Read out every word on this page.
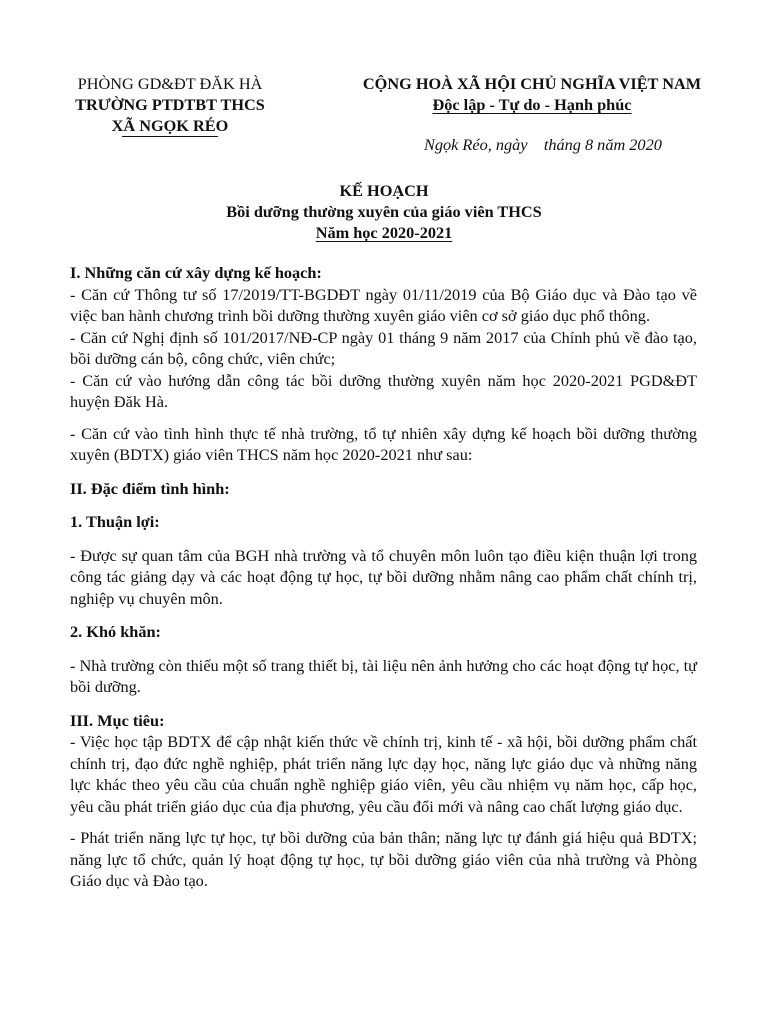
PHÒNG GD&ĐT ĐĂK HÀ
TRƯỜNG PTDTBT THCS
XÃ NGỌK RÉO
CỘNG HOÀ XÃ HỘI CHỦ NGHĨA VIỆT NAM
Độc lập - Tự do - Hạnh phúc
Ngọk Réo, ngày    tháng 8 năm 2020
KẾ HOẠCH
Bồi dưỡng thường xuyên của giáo viên THCS
Năm học 2020-2021

I. Những căn cứ xây dựng kế hoạch:

- Căn cứ Thông tư số 17/2019/TT-BGDĐT ngày 01/11/2019 của Bộ Giáo dục và Đào tạo về việc ban hành chương trình bồi dưỡng thường xuyên giáo viên cơ sở giáo dục phổ thông.

- Căn cứ Nghị định số 101/2017/NĐ-CP ngày 01 tháng 9 năm 2017 của Chính phủ về đào tạo, bồi dưỡng cán bộ, công chức, viên chức;

- Căn cứ vào hướng dẫn công tác bồi dưỡng thường xuyên năm học 2020-2021 PGD&ĐT huyện Đăk Hà.

- Căn cứ vào tình hình thực tế nhà trường, tổ tự nhiên xây dựng kế hoạch bồi dưỡng thường xuyên (BDTX) giáo viên THCS năm học 2020-2021 như sau:

II. Đặc điểm tình hình:

1. Thuận lợi:

- Được sự quan tâm của BGH nhà trường và tổ chuyên môn luôn tạo điều kiện thuận lợi trong công tác giảng dạy và các hoạt động tự học, tự bồi dưỡng nhằm nâng cao phẩm chất chính trị, nghiệp vụ chuyên môn.

2. Khó khăn:

- Nhà trường còn thiếu một số trang thiết bị, tài liệu nên ảnh hưởng cho các hoạt động tự học, tự bồi dưỡng.

III. Mục tiêu:

- Việc học tập BDTX để cập nhật kiến thức về chính trị, kinh tế - xã hội, bồi dưỡng phẩm chất chính trị, đạo đức nghề nghiệp, phát triển năng lực dạy học, năng lực giáo dục và những năng lực khác theo yêu cầu của chuẩn nghề nghiệp giáo viên, yêu cầu nhiệm vụ năm học, cấp học, yêu cầu phát triển giáo dục của địa phương, yêu cầu đổi mới và nâng cao chất lượng giáo dục.

- Phát triển năng lực tự học, tự bồi dưỡng của bản thân; năng lực tự đánh giá hiệu quả BDTX; năng lực tổ chức, quản lý hoạt động tự học, tự bồi dưỡng giáo viên của nhà trường và Phòng Giáo dục và Đào tạo.
